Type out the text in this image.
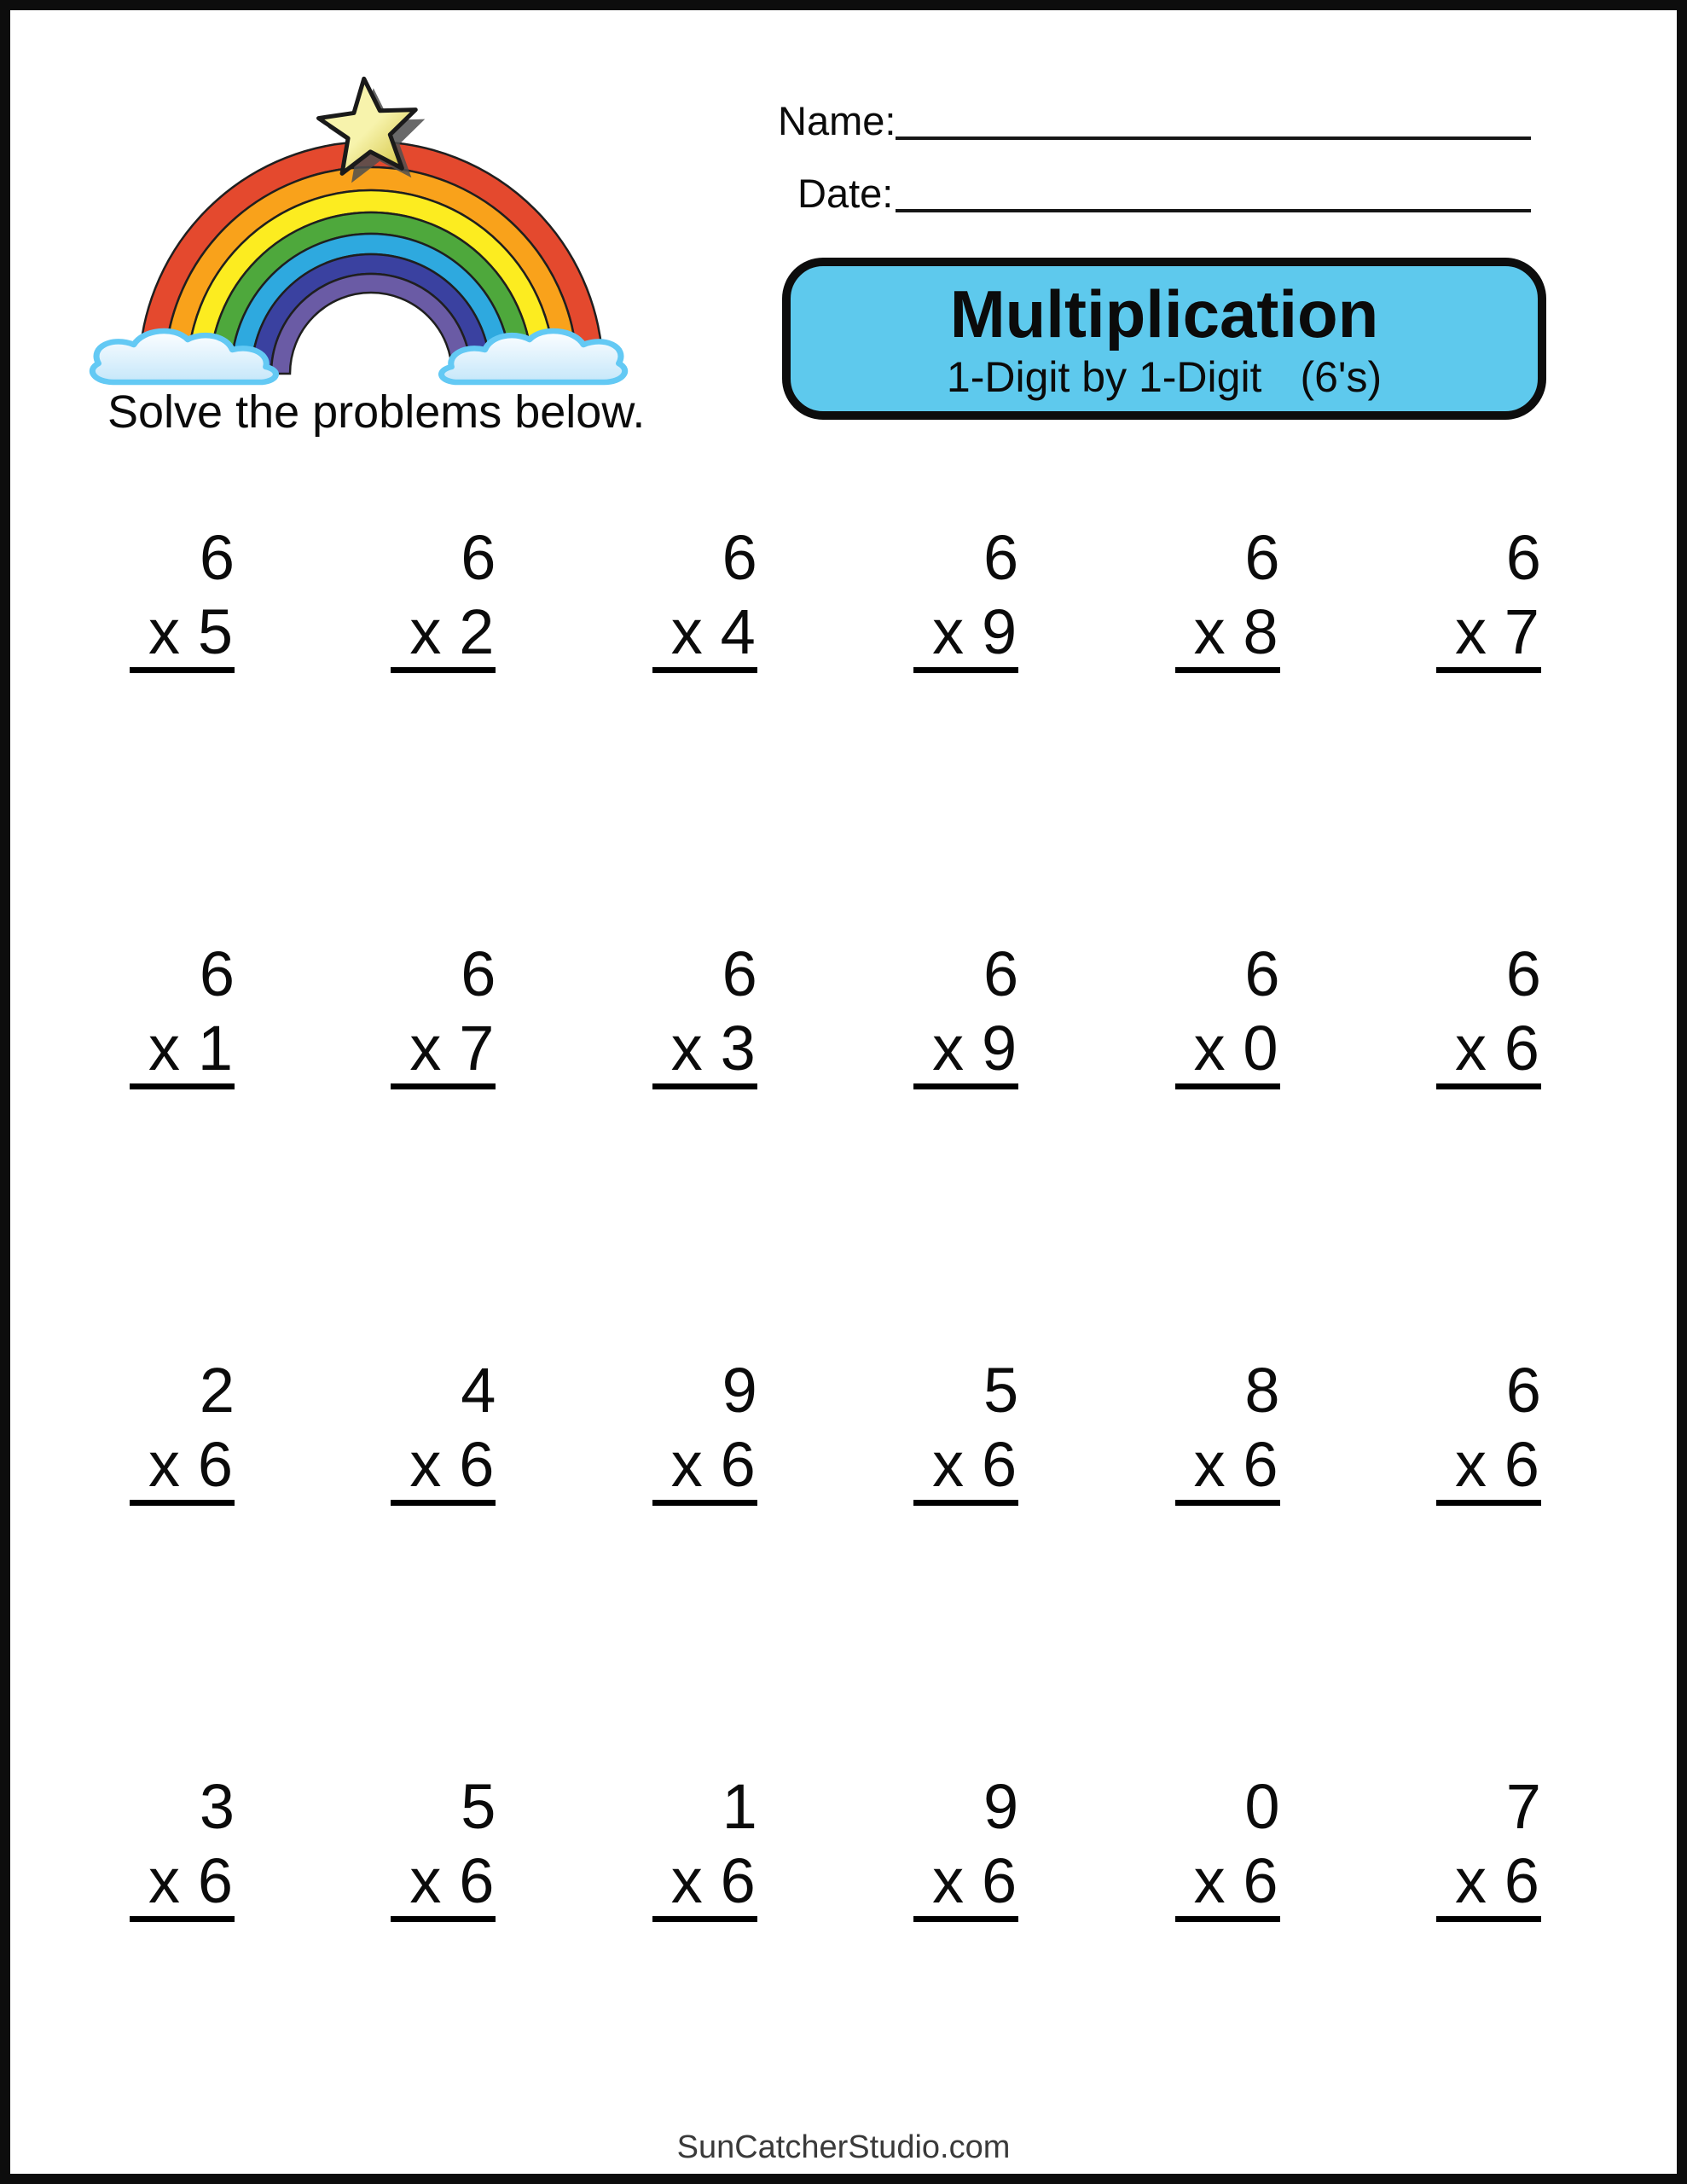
Solve the problems below.
Name:
Date:
Multiplication
1-Digit by 1-Digit (6's)
6
x 5
6
x 2
6
x 4
6
x 9
6
x 8
6
x 7
6
x 1
6
x 7
6
x 3
6
x 9
6
x 0
6
x 6
2
x 6
4
x 6
9
x 6
5
x 6
8
x 6
6
x 6
3
x 6
5
x 6
1
x 6
9
x 6
0
x 6
7
x 6
SunCatcherStudio.com
